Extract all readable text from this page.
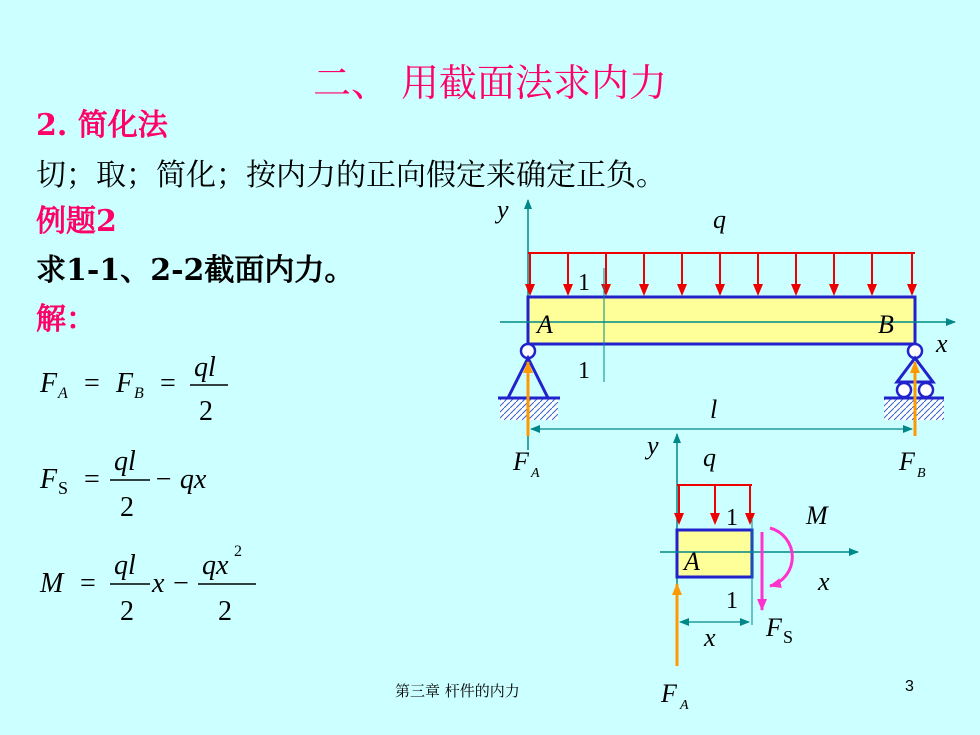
二、 用截面法求内力
2. 简化法
切；取；简化；按内力的正向假定来确定正负。
例题2
求1-1、2-2截面内力。
解：
F A = F B =
ql
2
F S =
ql
2
− qx
M =
ql
2
x −
qx 2
2
y	q
x
A	B
1
1
l
F A	F B
y q
x
A
1
1
M
F S
x
F A
第三章 杆件的内力	3
